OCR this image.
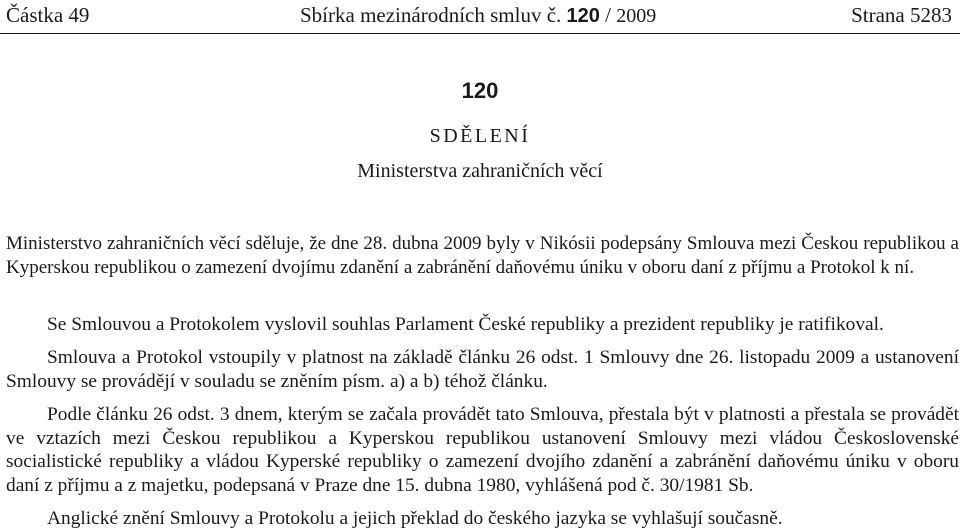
Částka 49	Sbírka mezinárodních smluv č. 120 / 2009	Strana 5283
120
SDĚLENÍ
Ministerstva zahraničních věcí

Ministerstvo zahraničních věcí sděluje, že dne 28. dubna 2009 byly v Nikósii podepsány Smlouva mezi Českou republikou a Kyperskou republikou o zamezení dvojímu zdanění a zabránění daňovému úniku v oboru daní z příjmu a Protokol k ní.

Se Smlouvou a Protokolem vyslovil souhlas Parlament České republiky a prezident republiky je ratifikoval.

Smlouva a Protokol vstoupily v platnost na základě článku 26 odst. 1 Smlouvy dne 26. listopadu 2009 a ustanovení Smlouvy se provádějí v souladu se zněním písm. a) a b) téhož článku.

Podle článku 26 odst. 3 dnem, kterým se začala provádět tato Smlouva, přestala být v platnosti a přestala se provádět ve vztazích mezi Českou republikou a Kyperskou republikou ustanovení Smlouvy mezi vládou Československé socialistické republiky a vládou Kyperské republiky o zamezení dvojího zdanění a zabránění daňovému úniku v oboru daní z příjmu a z majetku, podepsaná v Praze dne 15. dubna 1980, vyhlášená pod č. 30/1981 Sb.

Anglické znění Smlouvy a Protokolu a jejich překlad do českého jazyka se vyhlašují současně.
